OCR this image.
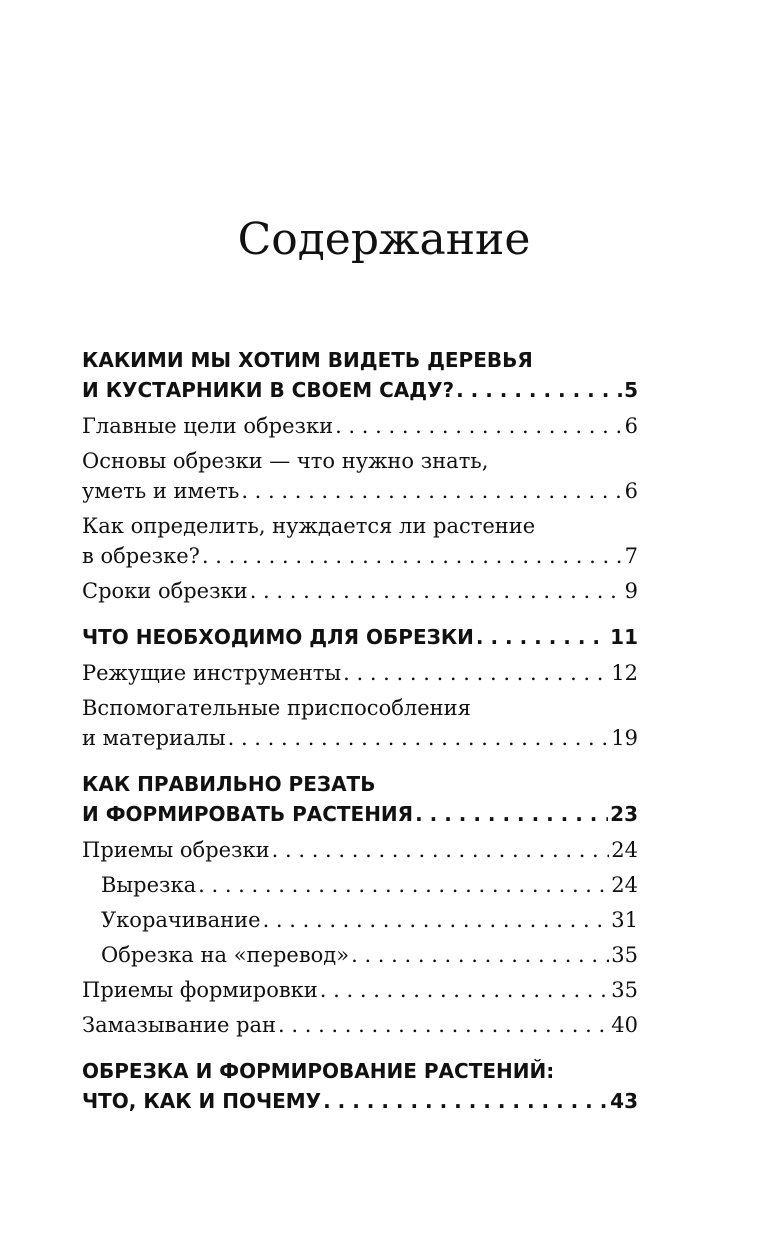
Содержание
КАКИМИ МЫ ХОТИМ ВИДЕТЬ ДЕРЕВЬЯ
И КУСТАРНИКИ В СВОЕМ САДУ? . . .	5
Главные цели обрезки . . .	6
Основы обрезки — что нужно знать,
уметь и иметь . . .	6
Как определить, нуждается ли растение
в обрезке? . . .	7
Сроки обрезки . . .	9
ЧТО НЕОБХОДИМО ДЛЯ ОБРЕЗКИ . . .	11
Режущие инструменты . . .	12
Вспомогательные приспособления
и материалы . . .	19
КАК ПРАВИЛЬНО РЕЗАТЬ
И ФОРМИРОВАТЬ РАСТЕНИЯ . . .	23
Приемы обрезки . . .	24
Вырезка . . .	24
Укорачивание . . .	31
Обрезка на «перевод» . . .	35
Приемы формировки . . .	35
Замазывание ран . . .	40
ОБРЕЗКА И ФОРМИРОВАНИЕ РАСТЕНИЙ:
ЧТО, КАК И ПОЧЕМУ . . .	43
